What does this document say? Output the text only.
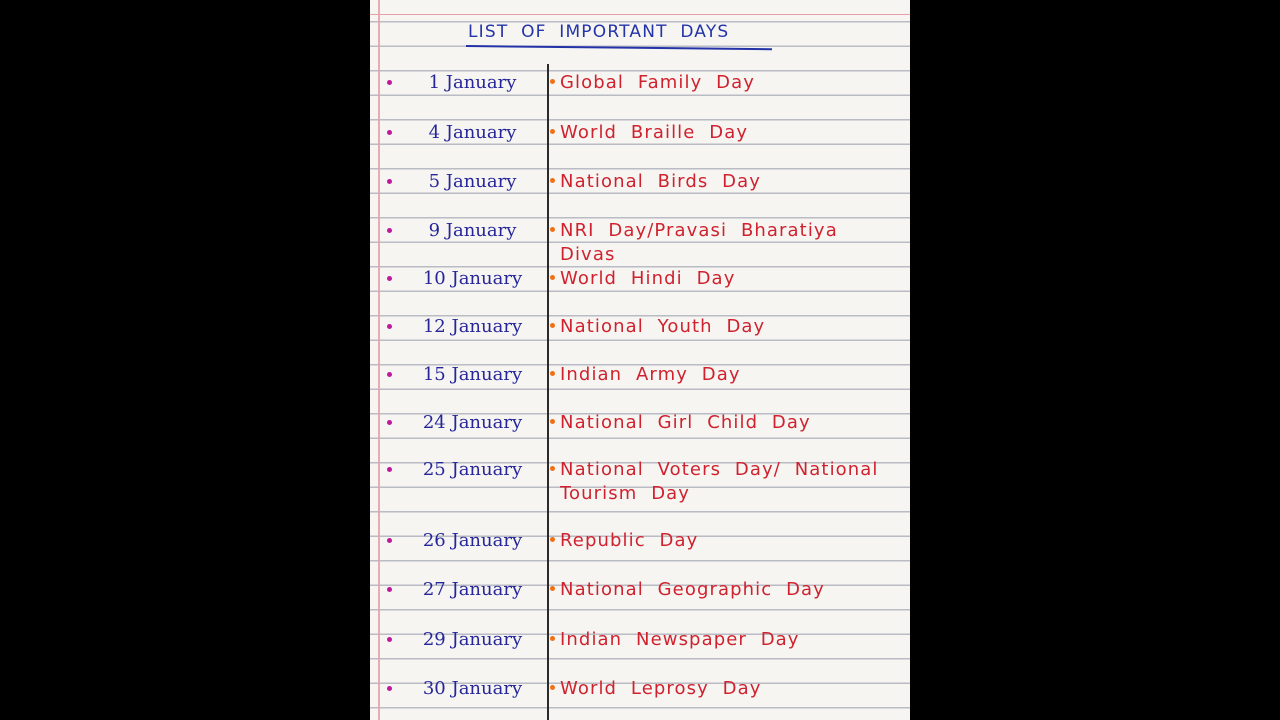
LIST OF IMPORTANT DAYS
1 January	Global Family Day
4 January	World Braille Day
5 January	National Birds Day
9 January	NRI Day/Pravasi Bharatiya Divas
10 January	World Hindi Day
12 January	National Youth Day
15 January	Indian Army Day
24 January	National Girl Child Day
25 January	National Voters Day/ National Tourism Day
26 January	Republic Day
27 January	National Geographic Day
29 January	Indian Newspaper Day
30 January	World Leprosy Day
